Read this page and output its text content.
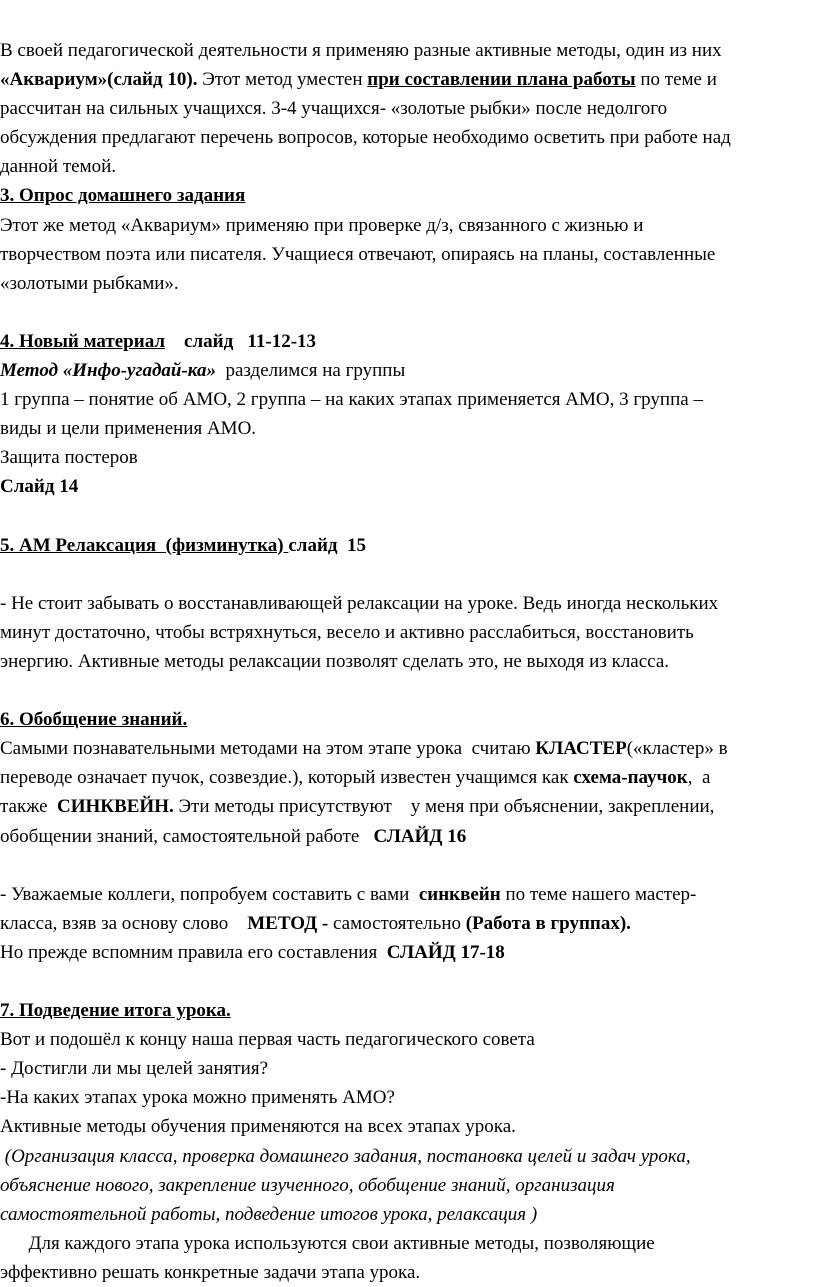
В своей педагогической деятельности я применяю разные активные методы, один из них
«Аквариум»(слайд 10). Этот метод уместен при составлении плана работы по теме и
рассчитан на сильных учащихся. 3-4 учащихся- «золотые рыбки» после недолгого
обсуждения предлагают перечень вопросов, которые необходимо осветить при работе над
данной темой.
3. Опрос домашнего задания
Этот же метод «Аквариум» применяю при проверке д/з, связанного с жизнью и
творчеством поэта или писателя. Учащиеся отвечают, опираясь на планы, составленные
«золотыми рыбками».
4. Новый материал    слайд   11-12-13
Метод «Инфо-угадай-ка»  разделимся на группы
1 группа – понятие об АМО, 2 группа – на каких этапах применяется АМО, 3 группа –
виды и цели применения АМО.
Защита постеров
Слайд 14
5. АМ Релаксация  (физминутка) слайд  15
- Не стоит забывать о восстанавливающей релаксации на уроке. Ведь иногда нескольких
минут достаточно, чтобы встряхнуться, весело и активно расслабиться, восстановить
энергию. Активные методы релаксации позволят сделать это, не выходя из класса.
6. Обобщение знаний.
Самыми познавательными методами на этом этапе урока  считаю КЛАСТЕР(«кластер» в
переводе означает пучок, созвездие.), который известен учащимся как схема-паучок,  а
также  СИНКВЕЙН. Эти методы присутствуют    у меня при объяснении, закреплении,
обобщении знаний, самостоятельной работе   СЛАЙД 16
- Уважаемые коллеги, попробуем составить с вами  синквейн по теме нашего мастер-
класса, взяв за основу слово    МЕТОД - самостоятельно (Работа в группах).
Но прежде вспомним правила его составления  СЛАЙД 17-18
7. Подведение итога урока.
Вот и подошёл к концу наша первая часть педагогического совета
- Достигли ли мы целей занятия?
-На каких этапах урока можно применять АМО?
Активные методы обучения применяются на всех этапах урока.
(Организация класса, проверка домашнего задания, постановка целей и задач урока,
объяснение нового, закрепление изученного, обобщение знаний, организация
самостоятельной работы, подведение итогов урока, релаксация )
Для каждого этапа урока используются свои активные методы, позволяющие
эффективно решать конкретные задачи этапа урока.
